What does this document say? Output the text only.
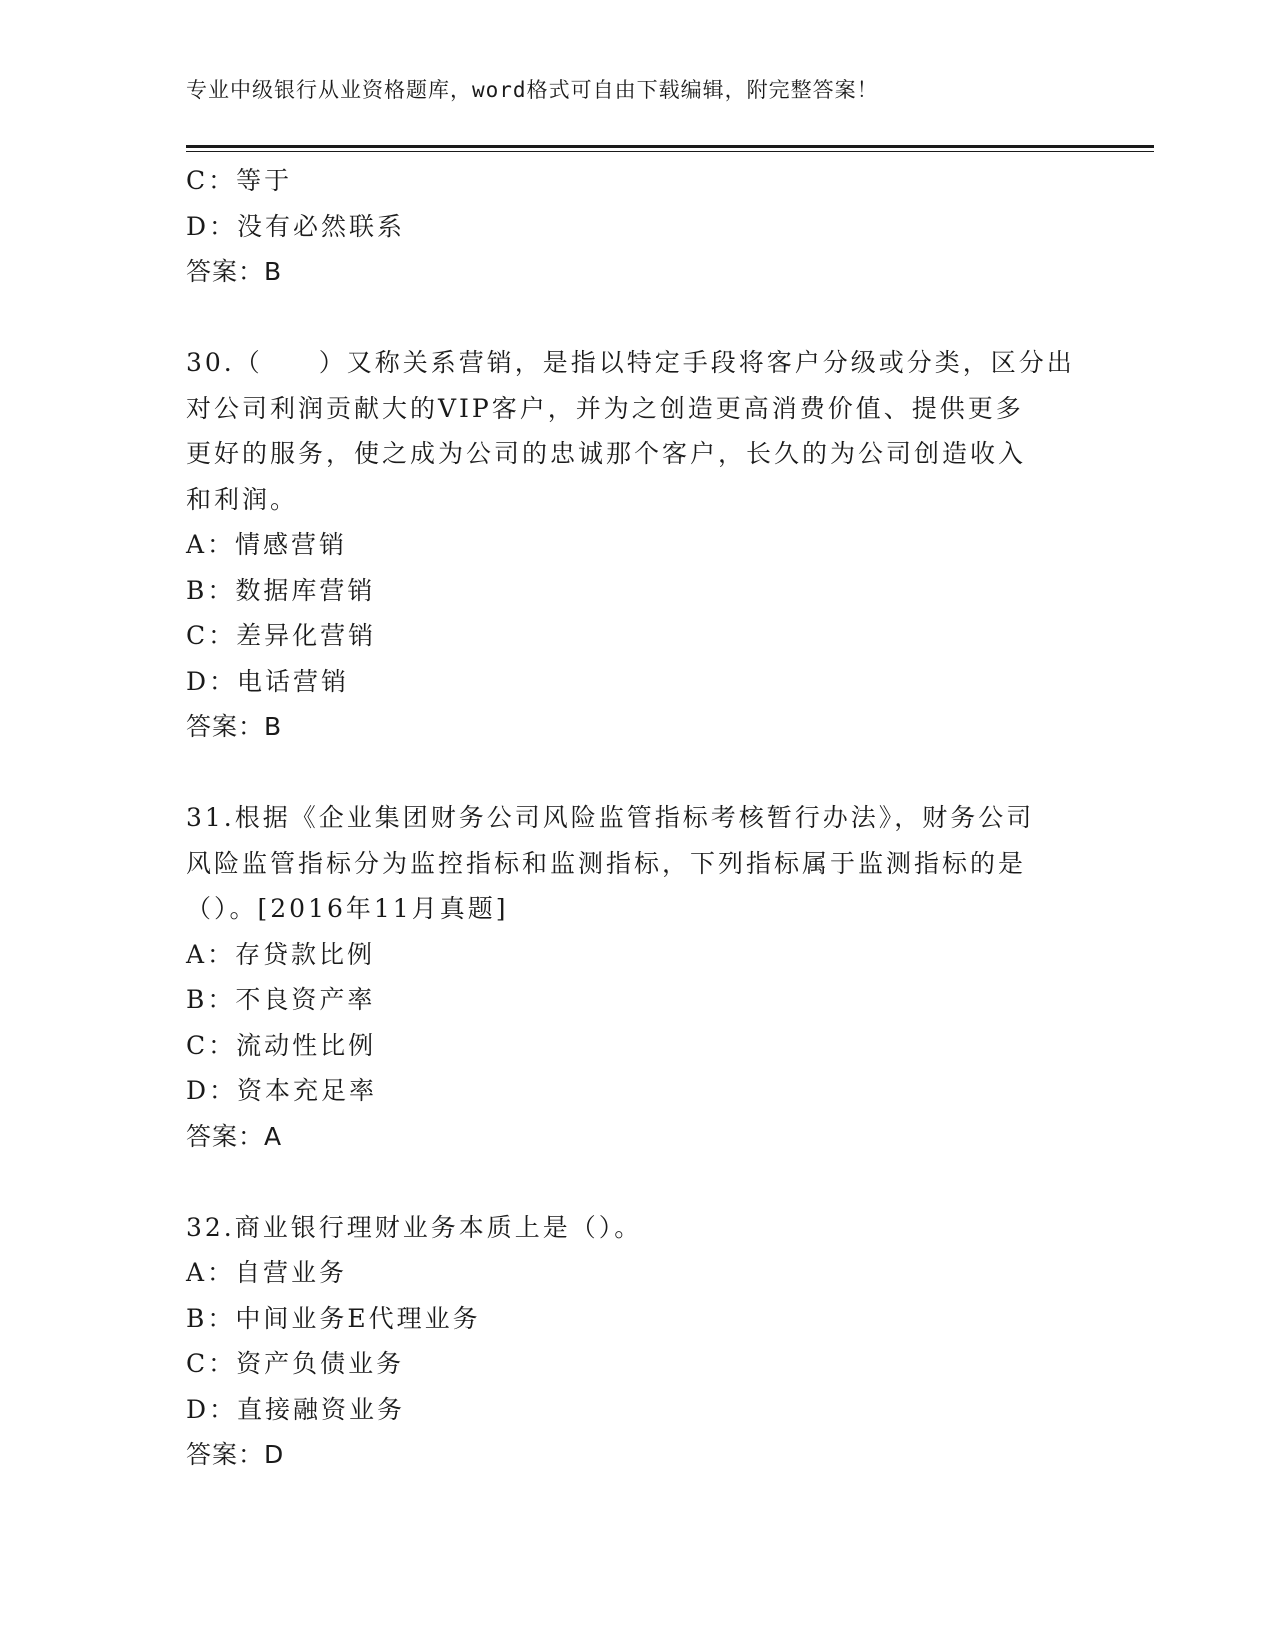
专业中级银行从业资格题库，word格式可自由下载编辑，附完整答案！
C：等于
D：没有必然联系
答案：B
30.（　　）又称关系营销，是指以特定手段将客户分级或分类，区分出
对公司利润贡献大的VIP客户，并为之创造更高消费价值、提供更多
更好的服务，使之成为公司的忠诚那个客户，长久的为公司创造收入
和利润。
A：情感营销
B：数据库营销
C：差异化营销
D：电话营销
答案：B
31.根据《企业集团财务公司风险监管指标考核暂行办法》，财务公司
风险监管指标分为监控指标和监测指标，下列指标属于监测指标的是
（）。[2016年11月真题]
A：存贷款比例
B：不良资产率
C：流动性比例
D：资本充足率
答案：A
32.商业银行理财业务本质上是（）。
A：自营业务
B：中间业务E代理业务
C：资产负债业务
D：直接融资业务
答案：D
